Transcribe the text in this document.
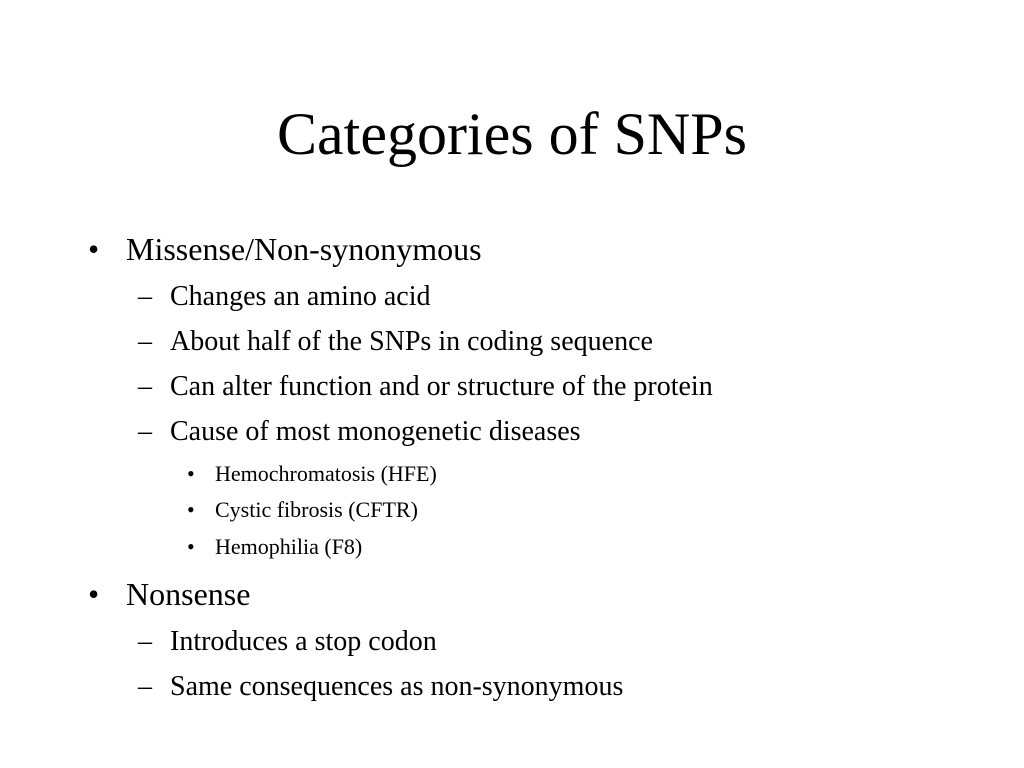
Categories of SNPs
• Missense/Non-synonymous
– Changes an amino acid
– About half of the SNPs in coding sequence
– Can alter function and or structure of the protein
– Cause of most monogenetic diseases
• Hemochromatosis (HFE)
• Cystic fibrosis (CFTR)
• Hemophilia (F8)
• Nonsense
– Introduces a stop codon
– Same consequences as non-synonymous
